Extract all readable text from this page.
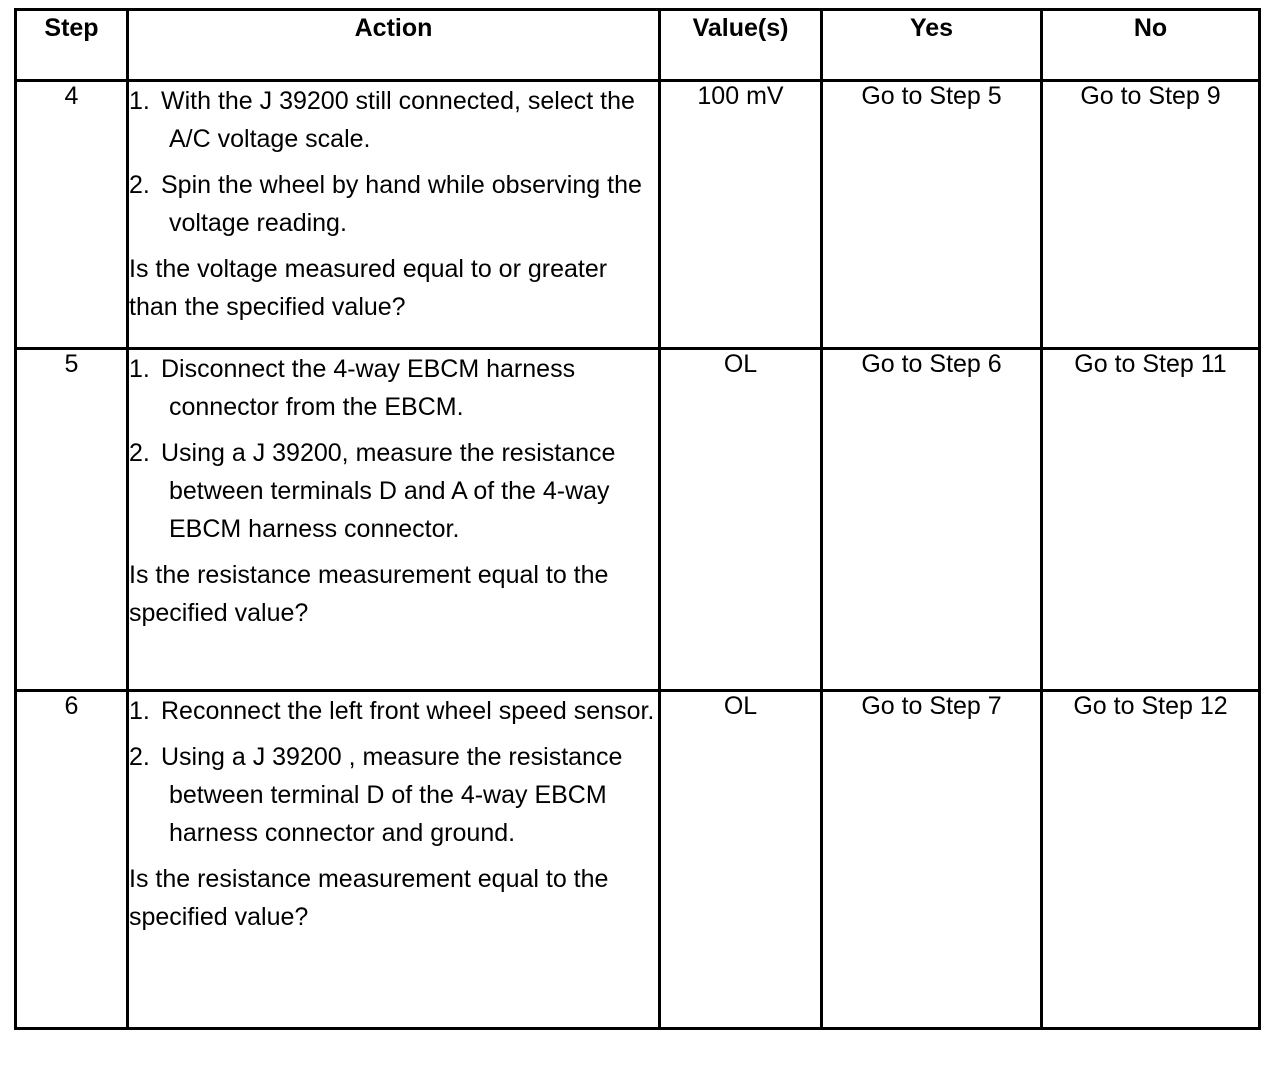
Step	Action	Value(s)	Yes	No
4	1. With the J 39200 still connected, select the A/C voltage scale.
2. Spin the wheel by hand while observing the voltage reading.
Is the voltage measured equal to or greater than the specified value?	100 mV	Go to Step 5	Go to Step 9
5	1. Disconnect the 4-way EBCM harness connector from the EBCM.
2. Using a J 39200, measure the resistance between terminals D and A of the 4-way EBCM harness connector.
Is the resistance measurement equal to the specified value?	OL	Go to Step 6	Go to Step 11
6	1. Reconnect the left front wheel speed sensor.
2. Using a J 39200 , measure the resistance between terminal D of the 4-way EBCM harness connector and ground.
Is the resistance measurement equal to the specified value?	OL	Go to Step 7	Go to Step 12
